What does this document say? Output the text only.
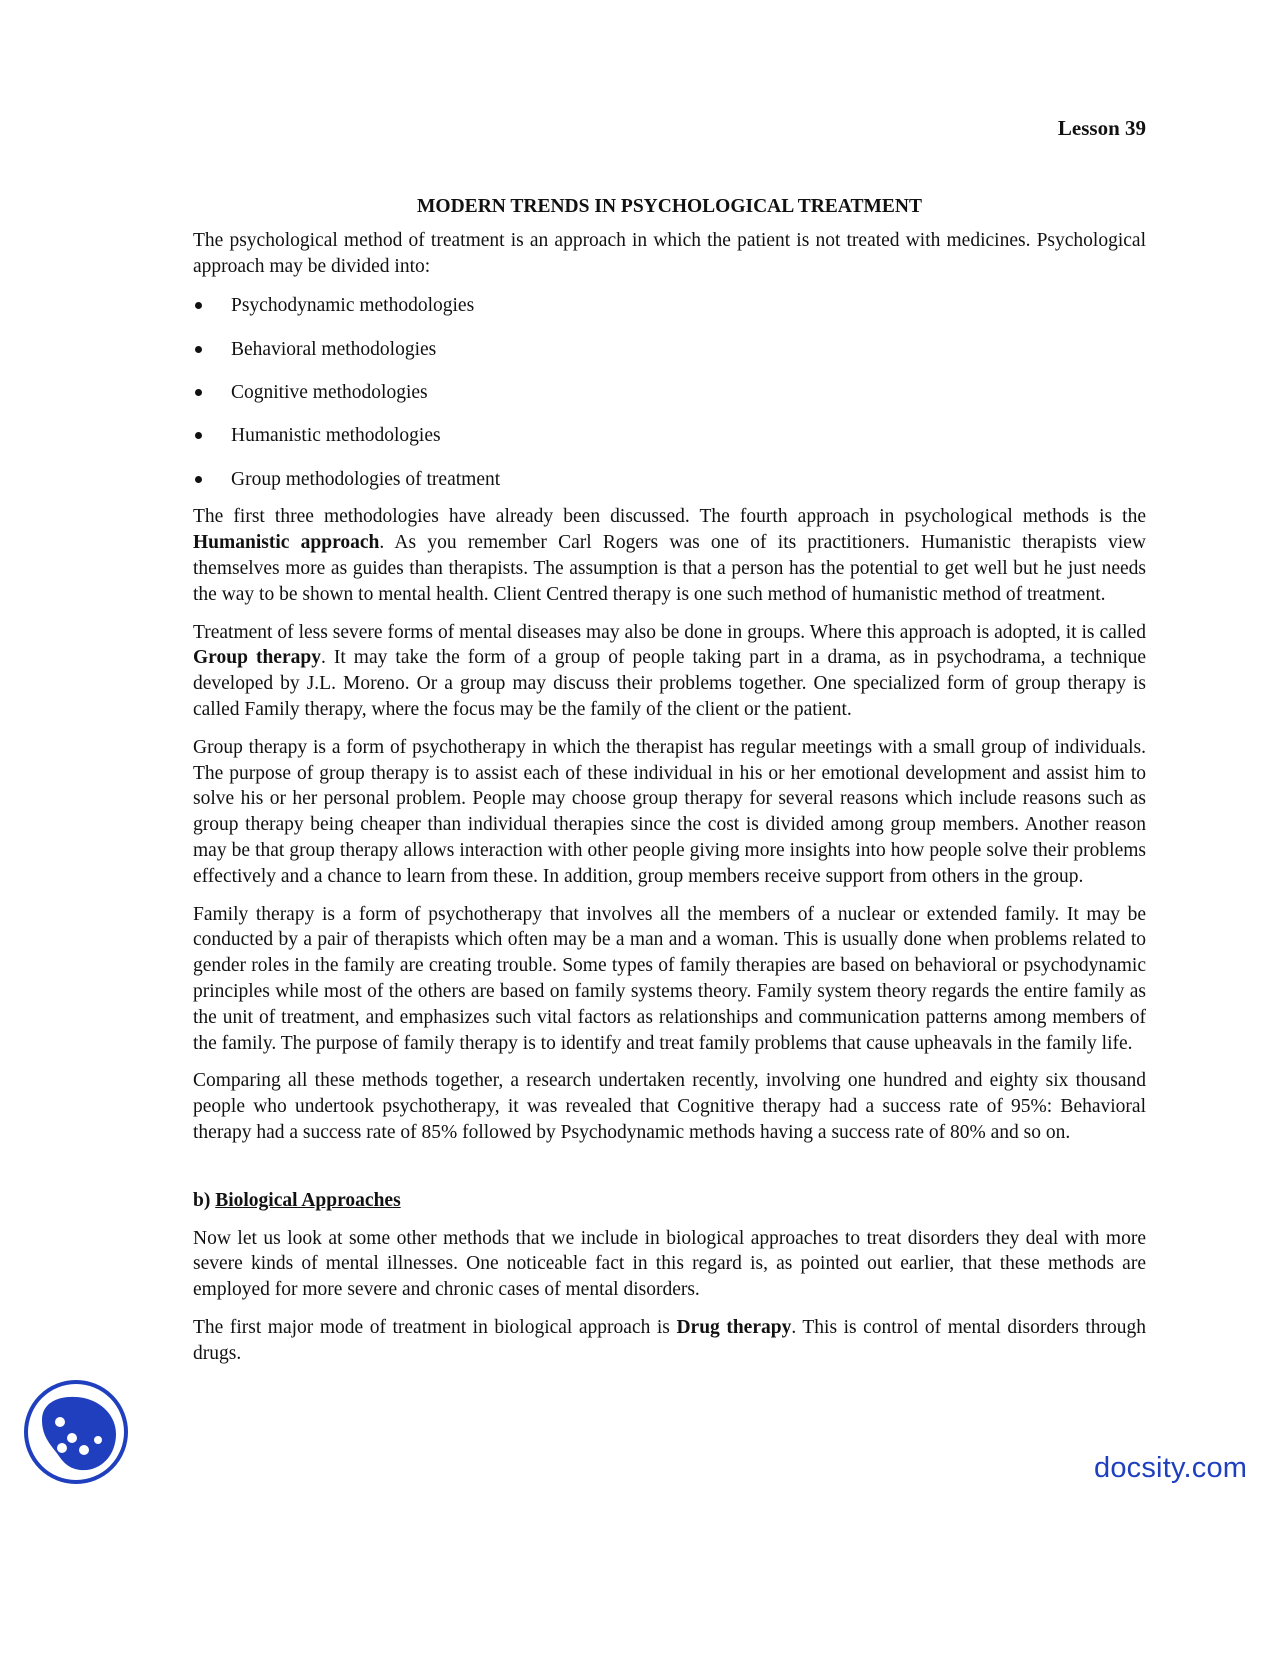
Lesson 39
MODERN TRENDS IN PSYCHOLOGICAL TREATMENT

The psychological method of treatment is an approach in which the patient is not treated with medicines. Psychological approach may be divided into:

Psychodynamic methodologies
Behavioral methodologies
Cognitive methodologies
Humanistic methodologies
Group methodologies of treatment

The first three methodologies have already been discussed. The fourth approach in psychological methods is the Humanistic approach. As you remember Carl Rogers was one of its practitioners. Humanistic therapists view themselves more as guides than therapists. The assumption is that a person has the potential to get well but he just needs the way to be shown to mental health. Client Centred therapy is one such method of humanistic method of treatment.

Treatment of less severe forms of mental diseases may also be done in groups. Where this approach is adopted, it is called Group therapy. It may take the form of a group of people taking part in a drama, as in psychodrama, a technique developed by J.L. Moreno. Or a group may discuss their problems together. One specialized form of group therapy is called Family therapy, where the focus may be the family of the client or the patient.

Group therapy is a form of psychotherapy in which the therapist has regular meetings with a small group of individuals. The purpose of group therapy is to assist each of these individual in his or her emotional development and assist him to solve his or her personal problem. People may choose group therapy for several reasons which include reasons such as group therapy being cheaper than individual therapies since the cost is divided among group members. Another reason may be that group therapy allows interaction with other people giving more insights into how people solve their problems effectively and a chance to learn from these. In addition, group members receive support from others in the group.

Family therapy is a form of psychotherapy that involves all the members of a nuclear or extended family. It may be conducted by a pair of therapists which often may be a man and a woman. This is usually done when problems related to gender roles in the family are creating trouble. Some types of family therapies are based on behavioral or psychodynamic principles while most of the others are based on family systems theory. Family system theory regards the entire family as the unit of treatment, and emphasizes such vital factors as relationships and communication patterns among members of the family. The purpose of family therapy is to identify and treat family problems that cause upheavals in the family life.

Comparing all these methods together, a research undertaken recently, involving one hundred and eighty six thousand people who undertook psychotherapy, it was revealed that Cognitive therapy had a success rate of 95%: Behavioral therapy had a success rate of 85% followed by Psychodynamic methods having a success rate of 80% and so on.

b) Biological Approaches

Now let us look at some other methods that we include in biological approaches to treat disorders they deal with more severe kinds of mental illnesses. One noticeable fact in this regard is, as pointed out earlier, that these methods are employed for more severe and chronic cases of mental disorders.

The first major mode of treatment in biological approach is Drug therapy. This is control of mental disorders through drugs.

docsity.com
